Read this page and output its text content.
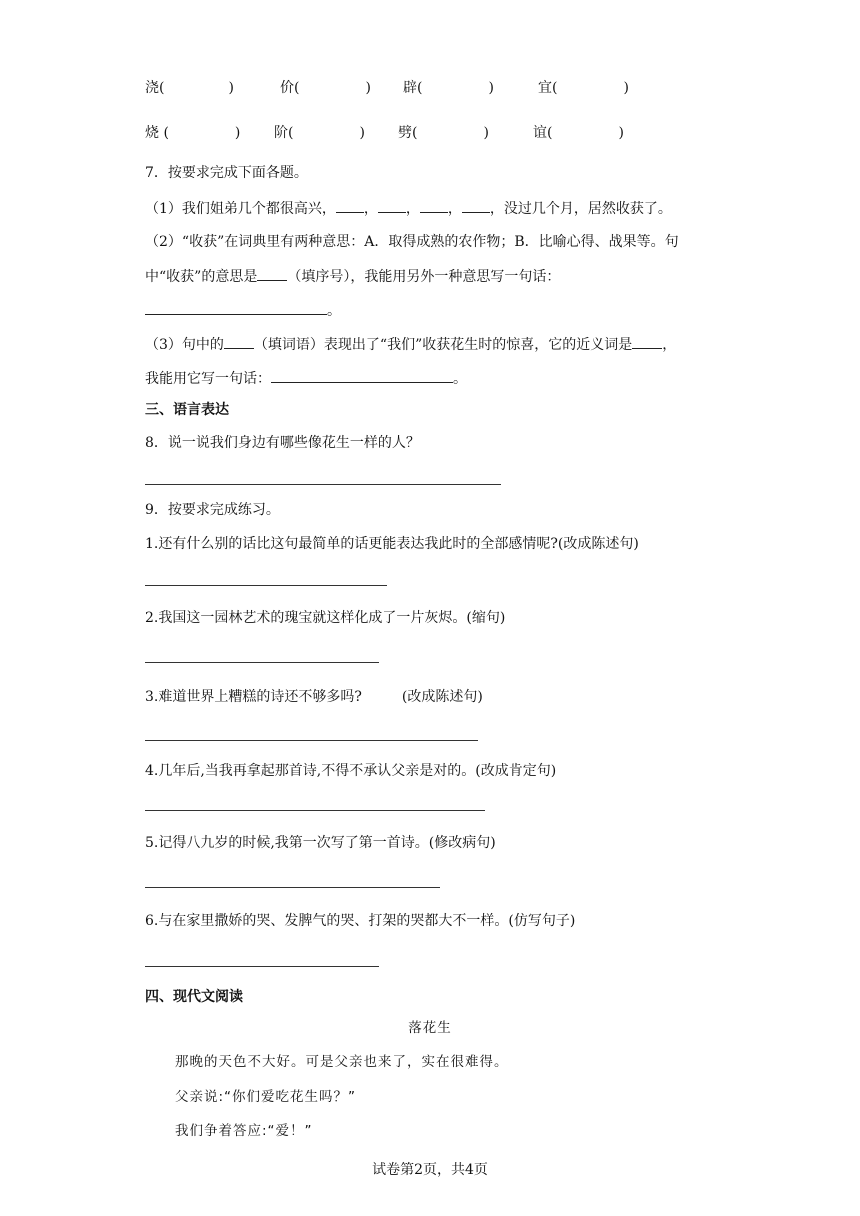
浇(	)	价(	) 辟(	)	宜(	)
烧 (	) 阶(	) 劈(	)	谊(	)
7．按要求完成下面各题。
（1）我们姐弟几个都很高兴， ， ， ， ，没过几个月，居然收获了。
（2）“收获”在词典里有两种意思：A．取得成熟的农作物；B．比喻心得、战果等。句
中“收获”的意思是 （填序号），我能用另外一种意思写一句话：
。
（3）句中的 （填词语）表现出了“我们”收获花生时的惊喜，它的近义词是 ，
我能用它写一句话：	。
三、语言表达
8．说一说我们身边有哪些像花生一样的人？
9．按要求完成练习。
1.还有什么别的话比这句最简单的话更能表达我此时的全部感情呢?(改成陈述句)
2.我国这一园林艺术的瑰宝就这样化成了一片灰烬。(缩句)
3.难道世界上糟糕的诗还不够多吗?	(改成陈述句)
4.几年后,当我再拿起那首诗,不得不承认父亲是对的。(改成肯定句)
5.记得八九岁的时候,我第一次写了第一首诗。(修改病句)
6.与在家里撒娇的哭、发脾气的哭、打架的哭都大不一样。(仿写句子)
四、现代文阅读
落花生
那晚的天色不大好。可是父亲也来了，实在很难得。
父亲说:“你们爱吃花生吗？”
我们争着答应:“爱！”
试卷第2页，共4页
